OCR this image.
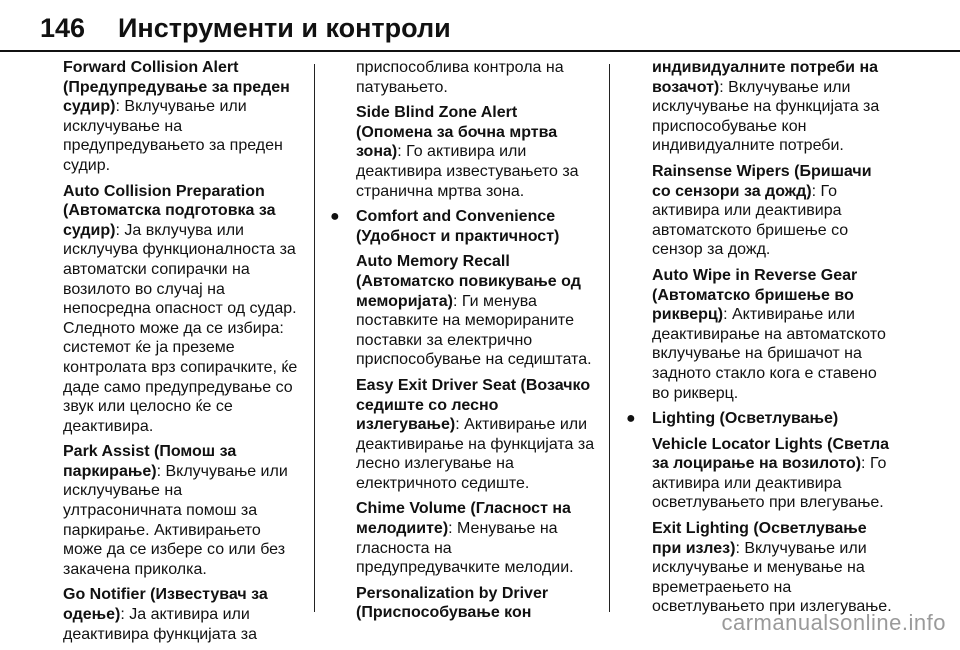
146 Инструменти и контроли

Forward Collision Alert (Предупредување за преден судир): Вклучување или исклучување на предупредувањето за преден судир.

Auto Collision Preparation (Автоматска подготовка за судир): Ја вклучува или исклучува функционалноста за автоматски сопирачки на возилото во случај на непосредна опасност од судар. Следното може да се избира: системот ќе ја преземе контролата врз сопирачките, ќе даде само предупредување со звук или целосно ќе се деактивира.

Park Assist (Помош за паркирање): Вклучување или исклучување на ултрасоничната помош за паркирање. Активирањето може да се избере со или без закачена приколка.

Go Notifier (Известувач за одење): Ја активира или деактивира функцијата за

приспособлива контрола на патувањето.

Side Blind Zone Alert (Опомена за бочна мртва зона): Го активира или деактивира известувањето за странична мртва зона.

● Comfort and Convenience (Удобност и практичност)

Auto Memory Recall (Автоматско повикување од меморијата): Ги менува поставките на меморираните поставки за електрично приспособување на седиштата.

Easy Exit Driver Seat (Возачко седиште со лесно излегување): Активирање или деактивирање на функцијата за лесно излегување на електричното седиште.

Chime Volume (Гласност на мелодиите): Менување на гласноста на предупредувачките мелодии.

Personalization by Driver (Приспособување кон

индивидуалните потреби на возачот): Вклучување или исклучување на функцијата за приспособување кон индивидуалните потреби.

Rainsense Wipers (Бришачи со сензори за дожд): Го активира или деактивира автоматското бришење со сензор за дожд.

Auto Wipe in Reverse Gear (Автоматско бришење во рикверц): Активирање или деактивирање на автоматското вклучување на бришачот на задното стакло кога е ставено во рикверц.

● Lighting (Осветлување)

Vehicle Locator Lights (Светла за лоцирање на возилото): Го активира или деактивира осветлувањето при влегување.

Exit Lighting (Осветлување при излез): Вклучување или исклучување и менување на времетраењето на осветлувањето при излегување.

carmanualsonline.info
